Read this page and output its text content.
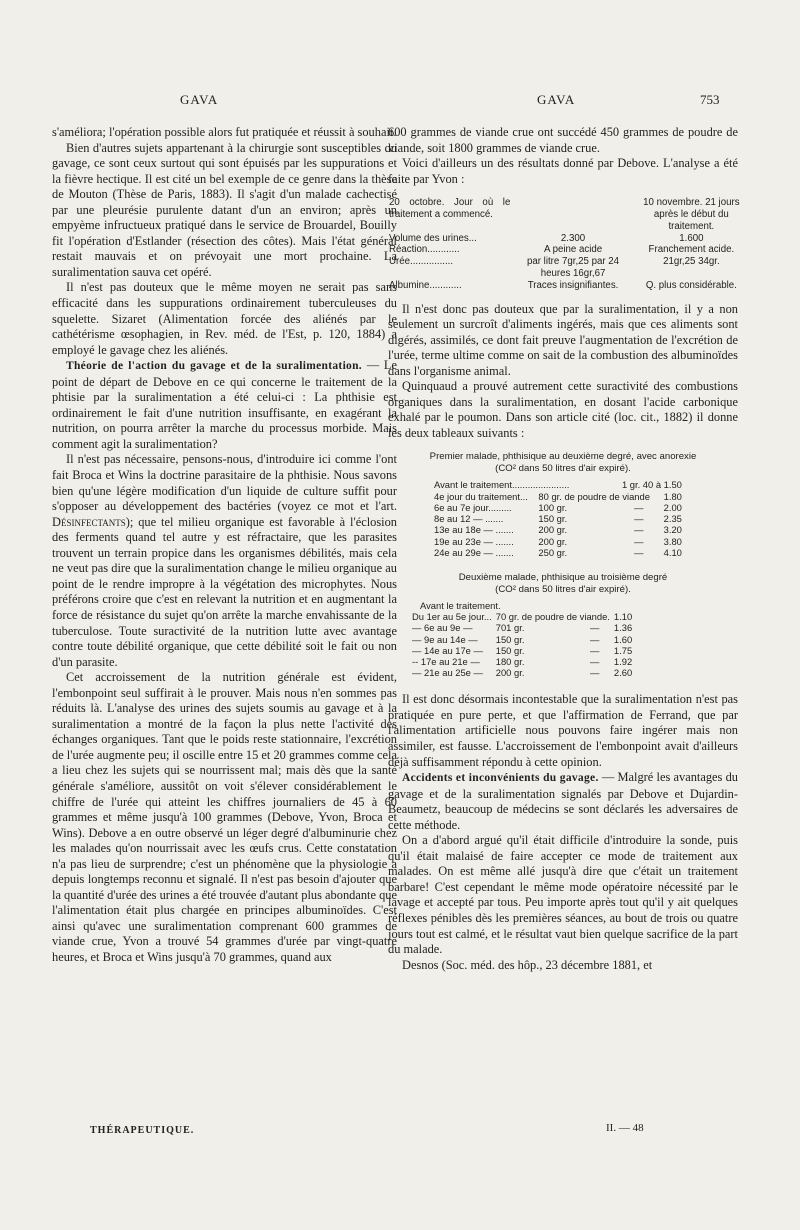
GAVA	GAVA	753

s'améliora; l'opération possible alors fut pratiquée et réussit à souhait.

Bien d'autres sujets appartenant à la chirurgie sont susceptibles du gavage, ce sont ceux surtout qui sont épuisés par les suppurations et la fièvre hectique. Il est cité un bel exemple de ce genre dans la thèse de Mouton (Thèse de Paris, 1883). Il s'agit d'un malade cachectisé par une pleurésie purulente datant d'un an environ; après un empyème infructueux pratiqué dans le service de Brouardel, Bouilly fit l'opération d'Estlander (résection des côtes). Mais l'état général restait mauvais et on prévoyait une mort prochaine. La suralimentation sauva cet opéré.

Il n'est pas douteux que le même moyen ne serait pas sans efficacité dans les suppurations ordinairement tuberculeuses du squelette. Sizaret (Alimentation forcée des aliénés par le cathétérisme œsophagien, in Rev. méd. de l'Est, p. 120, 1884) a employé le gavage chez les aliénés.

Théorie de l'action du gavage et de la suralimentation. — Le point de départ de Debove en ce qui concerne le traitement de la phtisie par la suralimentation a été celui-ci : La phthisie est ordinairement le fait d'une nutrition insuffisante, en exagérant la nutrition, on pourra arrêter la marche du processus morbide. Mais comment agit la suralimentation?

Il n'est pas nécessaire, pensons-nous, d'introduire ici comme l'ont fait Broca et Wins la doctrine parasitaire de la phthisie. Nous savons bien qu'une légère modification d'un liquide de culture suffit pour s'opposer au développement des bactéries (voyez ce mot et l'art. Désinfectants); que tel milieu organique est favorable à l'éclosion des ferments quand tel autre y est réfractaire, que les parasites trouvent un terrain propice dans les organismes débilités, mais cela ne veut pas dire que la suralimentation change le milieu organique au point de le rendre impropre à la végétation des microphytes. Nous préférons croire que c'est en relevant la nutrition et en augmentant la force de résistance du sujet qu'on arrête la marche envahissante de la tuberculose. Toute suractivité de la nutrition lutte avec avantage contre toute débilité organique, que cette débilité soit le fait ou non d'un parasite.

Cet accroissement de la nutrition générale est évident, l'embonpoint seul suffirait à le prouver. Mais nous n'en sommes pas réduits là. L'analyse des urines des sujets soumis au gavage et à la suralimentation a montré de la façon la plus nette l'activité des échanges organiques. Tant que le poids reste stationnaire, l'excrétion de l'urée augmente peu; il oscille entre 15 et 20 grammes comme cela a lieu chez les sujets qui se nourrissent mal; mais dès que la santé générale s'améliore, aussitôt on voit s'élever considérablement le chiffre de l'urée qui atteint les chiffres journaliers de 45 à 60 grammes et même jusqu'à 100 grammes (Debove, Yvon, Broca et Wins). Debove a en outre observé un léger degré d'albuminurie chez les malades qu'on nourrissait avec les œufs crus. Cette constatation n'a pas lieu de surprendre; c'est un phénomène que la physiologie a depuis longtemps reconnu et signalé. Il n'est pas besoin d'ajouter que la quantité d'urée des urines a été trouvée d'autant plus abondante que l'alimentation était plus chargée en principes albuminoïdes. C'est ainsi qu'avec une suralimentation comprenant 600 grammes de viande crue, Yvon a trouvé 54 grammes d'urée par vingt-quatre heures, et Broca et Wins jusqu'à 70 grammes, quand aux

THÉRAPEUTIQUE.

600 grammes de viande crue ont succédé 450 grammes de poudre de viande, soit 1800 grammes de viande crue.

Voici d'ailleurs un des résultats donné par Debove. L'analyse a été faite par Yvon :

20 octobre. Jour où le traitement a commencé.		10 novembre. 21 jours après le début du traitement.
Volume des urines...	2.300	1.600
Réaction............	A peine acide	Franchement acide.
Urée................	par litre 7gr,25 par 24 heures 16gr,67	21gr,25 34gr.
Albumine............	Traces insignifiantes.	Q. plus considérable.

Il n'est donc pas douteux que par la suralimentation, il y a non seulement un surcroît d'aliments ingérés, mais que ces aliments sont digérés, assimilés, ce dont fait preuve l'augmentation de l'excrétion de l'urée, terme ultime comme on sait de la combustion des albuminoïdes dans l'organisme animal.

Quinquaud a prouvé autrement cette suractivité des combustions organiques dans la suralimentation, en dosant l'acide carbonique exhalé par le poumon. Dans son article cité (loc. cit., 1882) il donne les deux tableaux suivants :

Premier malade, phthisique au deuxième degré, avec anorexie
(CO² dans 50 litres d'air expiré).
Avant le traitement......................		1 gr. 40 à 1.50	
4e jour du traitement...	80 gr. de poudre de viande		1.80
6e au 7e jour.........	100 gr.	—	2.00
8e au 12 — .......	150 gr.	—	2.35
13e au 18e — .......	200 gr.	—	3.20
19e au 23e — .......	200 gr.	—	3.80
24e au 29e — .......	250 gr.	—	4.10
Deuxième malade, phthisique au troisième degré
(CO² dans 50 litres d'air expiré).
Avant le traitement.			
Du 1er au 5e jour...	70 gr. de poudre de viande.		1.10
— 6e au 9e —	701 gr.	—	1.36
— 9e au 14e —	150 gr.	—	1.60
— 14e au 17e —	150 gr.	—	1.75
-- 17e au 21e —	180 gr.	—	1.92
— 21e au 25e —	200 gr.	—	2.60

Il est donc désormais incontestable que la suralimentation n'est pas pratiquée en pure perte, et que l'affirmation de Ferrand, que par l'alimentation artificielle nous pouvons faire ingérer mais non assimiler, est fausse. L'accroissement de l'embonpoint avait d'ailleurs déjà suffisamment répondu à cette opinion.

Accidents et inconvénients du gavage. — Malgré les avantages du gavage et de la suralimentation signalés par Debove et Dujardin-Beaumetz, beaucoup de médecins se sont déclarés les adversaires de cette méthode.

On a d'abord argué qu'il était difficile d'introduire la sonde, puis qu'il était malaisé de faire accepter ce mode de traitement aux malades. On est même allé jusqu'à dire que c'était un traitement barbare! C'est cependant le même mode opératoire nécessité par le lavage et accepté par tous. Peu importe après tout qu'il y ait quelques réflexes pénibles dès les premières séances, au bout de trois ou quatre jours tout est calmé, et le résultat vaut bien quelque sacrifice de la part du malade.

Desnos (Soc. méd. des hôp., 23 décembre 1881, et

II. — 48
